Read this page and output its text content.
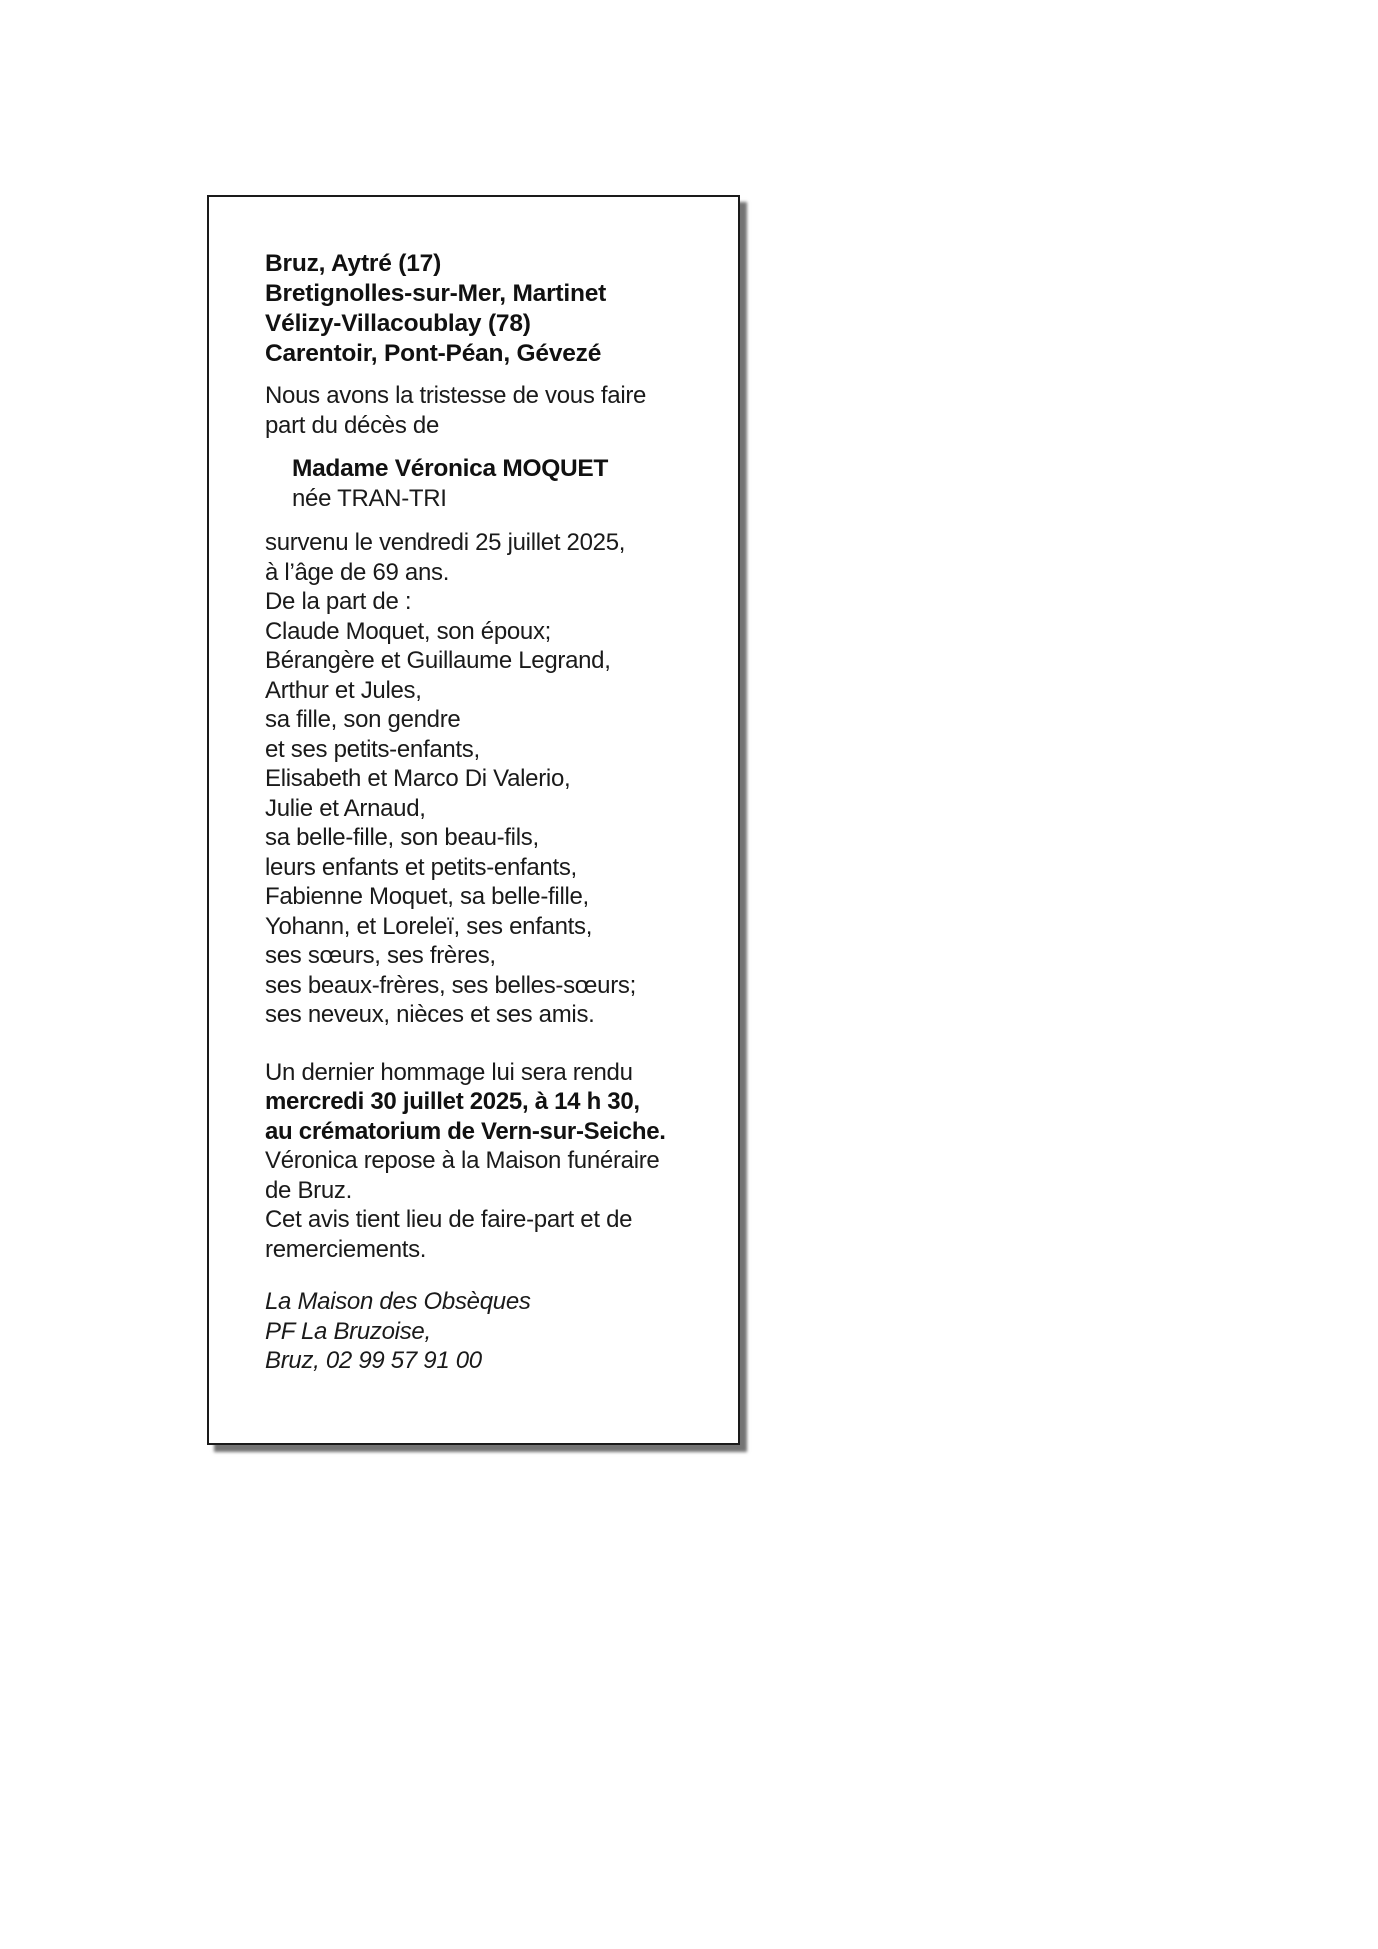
Bruz, Aytré (17)
Bretignolles-sur-Mer, Martinet
Vélizy-Villacoublay (78)
Carentoir, Pont-Péan, Gévezé
Nous avons la tristesse de vous faire
part du décès de
Madame Véronica MOQUET
née TRAN-TRI
survenu le vendredi 25 juillet 2025,
à l’âge de 69 ans.
De la part de :
Claude Moquet, son époux;
Bérangère et Guillaume Legrand,
Arthur et Jules,
sa fille, son gendre
et ses petits-enfants,
Elisabeth et Marco Di Valerio,
Julie et Arnaud,
sa belle-fille, son beau-fils,
leurs enfants et petits-enfants,
Fabienne Moquet, sa belle-fille,
Yohann, et Loreleï, ses enfants,
ses sœurs, ses frères,
ses beaux-frères, ses belles-sœurs;
ses neveux, nièces et ses amis.
Un dernier hommage lui sera rendu
mercredi 30 juillet 2025, à 14 h 30,
au crématorium de Vern-sur-Seiche.
Véronica repose à la Maison funéraire
de Bruz.
Cet avis tient lieu de faire-part et de
remerciements.
La Maison des Obsèques
PF La Bruzoise,
Bruz, 02 99 57 91 00
